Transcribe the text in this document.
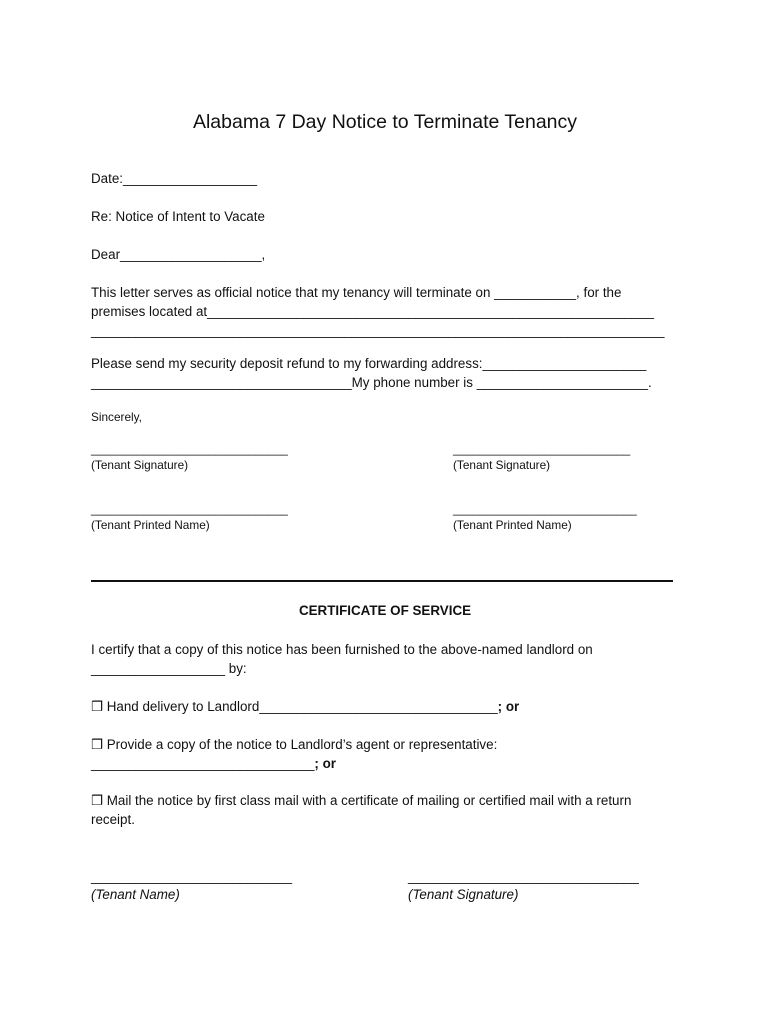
Alabama 7 Day Notice to Terminate Tenancy
Date:__________________
Re: Notice of Intent to Vacate
Dear___________________,
This letter serves as official notice that my tenancy will terminate on ___________, for the
premises located at____________________________________________________________
_____________________________________________________________________________
Please send my security deposit refund to my forwarding address:______________________
___________________________________My phone number is _______________________.
Sincerely,
______________________________
(Tenant Signature)
___________________________
(Tenant Signature)
______________________________
(Tenant Printed Name)
____________________________
(Tenant Printed Name)
CERTIFICATE OF SERVICE
I certify that a copy of this notice has been furnished to the above-named landlord on
__________________ by:
❒ Hand delivery to Landlord________________________________; or
❒ Provide a copy of the notice to Landlord’s agent or representative:
______________________________; or
❒ Mail the notice by first class mail with a certificate of mailing or certified mail with a return
receipt.
___________________________
(Tenant Name)
_______________________________
(Tenant Signature)
